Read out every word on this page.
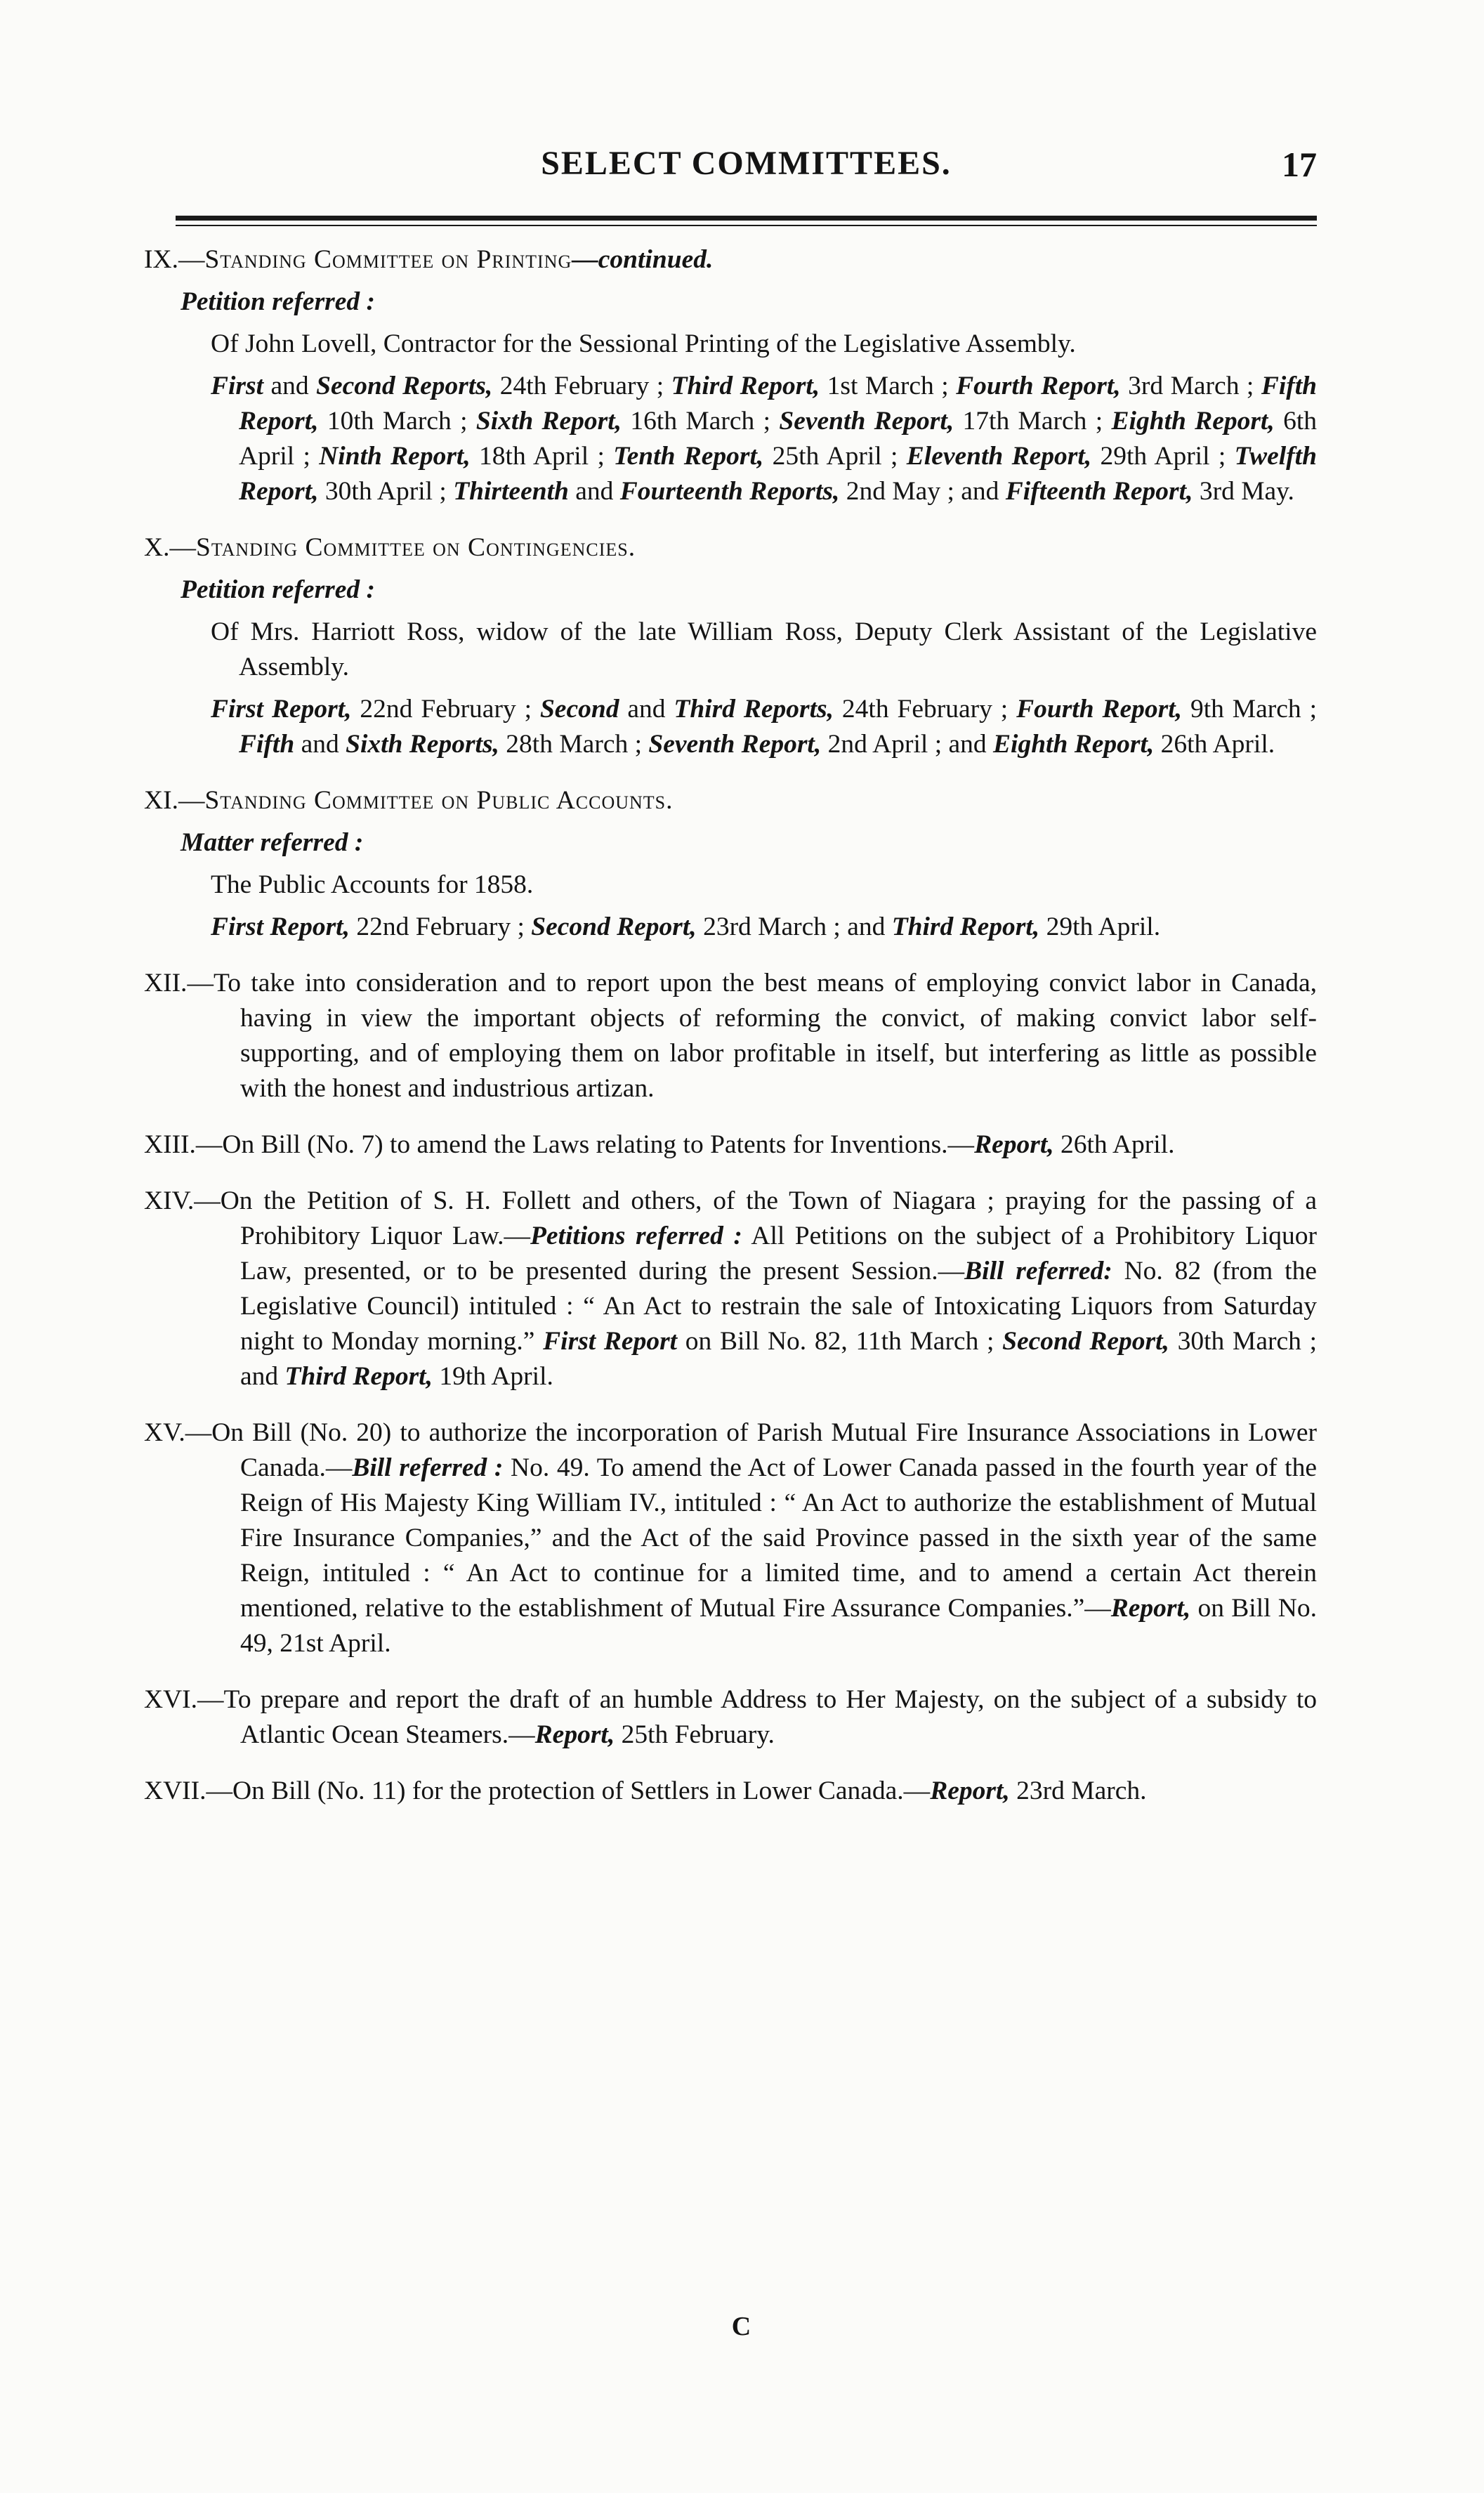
SELECT COMMITTEES.	17

IX.—Standing Committee on Printing—continued.

Petition referred :

Of John Lovell, Contractor for the Sessional Printing of the Legislative Assembly.

First and Second Reports, 24th February ; Third Report, 1st March ; Fourth Report, 3rd March ; Fifth Report, 10th March ; Sixth Report, 16th March ; Seventh Report, 17th March ; Eighth Report, 6th April ; Ninth Report, 18th April ; Tenth Report, 25th April ; Eleventh Report, 29th April ; Twelfth Report, 30th April ; Thirteenth and Fourteenth Reports, 2nd May ; and Fifteenth Report, 3rd May.

X.—Standing Committee on Contingencies.

Petition referred :

Of Mrs. Harriott Ross, widow of the late William Ross, Deputy Clerk Assistant of the Legislative Assembly.

First Report, 22nd February ; Second and Third Reports, 24th February ; Fourth Report, 9th March ; Fifth and Sixth Reports, 28th March ; Seventh Report, 2nd April ; and Eighth Report, 26th April.

XI.—Standing Committee on Public Accounts.

Matter referred :

The Public Accounts for 1858.

First Report, 22nd February ; Second Report, 23rd March ; and Third Report, 29th April.

XII.—To take into consideration and to report upon the best means of employing convict labor in Canada, having in view the important objects of reforming the convict, of making convict labor self-supporting, and of employing them on labor profitable in itself, but interfering as little as possible with the honest and industrious artizan.

XIII.—On Bill (No. 7) to amend the Laws relating to Patents for Inventions.—Report, 26th April.

XIV.—On the Petition of S. H. Follett and others, of the Town of Niagara ; praying for the passing of a Prohibitory Liquor Law.—Petitions referred : All Petitions on the subject of a Prohibitory Liquor Law, presented, or to be presented during the present Session.—Bill referred: No. 82 (from the Legislative Council) intituled : “ An Act to restrain the sale of Intoxicating Liquors from Saturday night to Monday morning.” First Report on Bill No. 82, 11th March ; Second Report, 30th March ; and Third Report, 19th April.

XV.—On Bill (No. 20) to authorize the incorporation of Parish Mutual Fire Insurance Associations in Lower Canada.—Bill referred : No. 49. To amend the Act of Lower Canada passed in the fourth year of the Reign of His Majesty King William IV., intituled : “ An Act to authorize the establishment of Mutual Fire Insurance Companies,” and the Act of the said Province passed in the sixth year of the same Reign, intituled : “ An Act to continue for a limited time, and to amend a certain Act therein mentioned, relative to the establishment of Mutual Fire Assurance Companies.”—Report, on Bill No. 49, 21st April.

XVI.—To prepare and report the draft of an humble Address to Her Majesty, on the subject of a subsidy to Atlantic Ocean Steamers.—Report, 25th February.

XVII.—On Bill (No. 11) for the protection of Settlers in Lower Canada.—Report, 23rd March.

C
